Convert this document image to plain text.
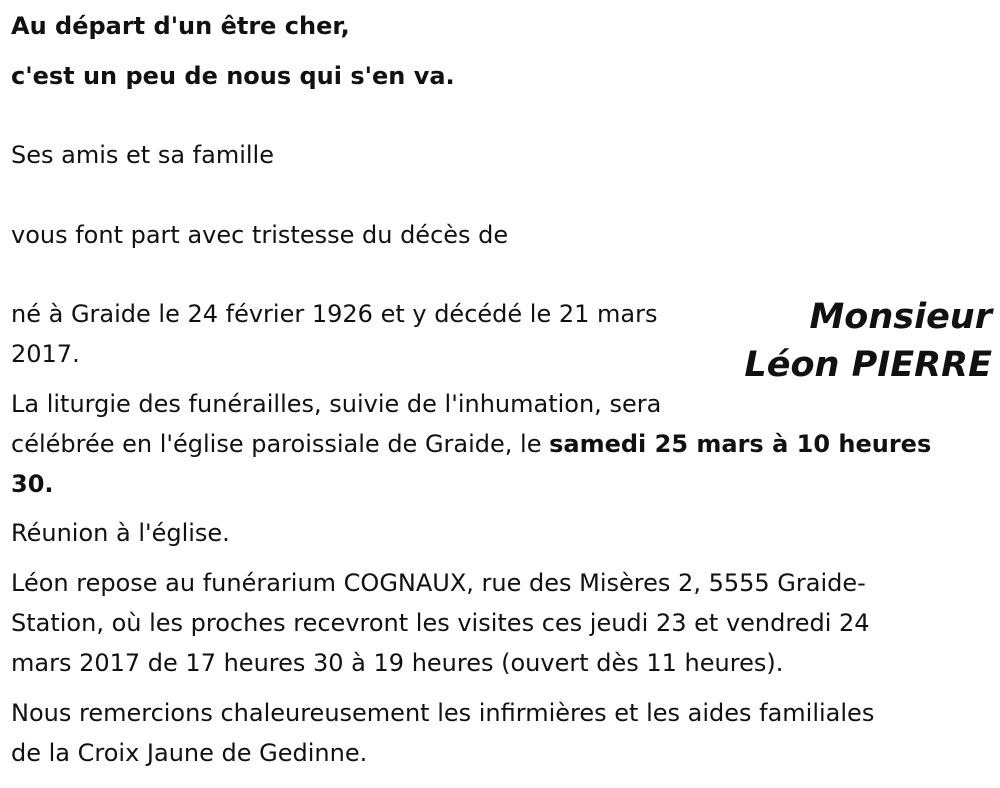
Au départ d'un être cher,
c'est un peu de nous qui s'en va.
Ses amis et sa famille
vous font part avec tristesse du décès de
Monsieur
Léon PIERRE
né à Graide le 24 février 1926 et y décédé le 21 mars
2017.
La liturgie des funérailles, suivie de l'inhumation, sera
célébrée en l'église paroissiale de Graide, le samedi 25 mars à 10 heures
30.
Réunion à l'église.
Léon repose au funérarium COGNAUX, rue des Misères 2, 5555 Graide-
Station, où les proches recevront les visites ces jeudi 23 et vendredi 24
mars 2017 de 17 heures 30 à 19 heures (ouvert dès 11 heures).
Nous remercions chaleureusement les infirmières et les aides familiales
de la Croix Jaune de Gedinne.
